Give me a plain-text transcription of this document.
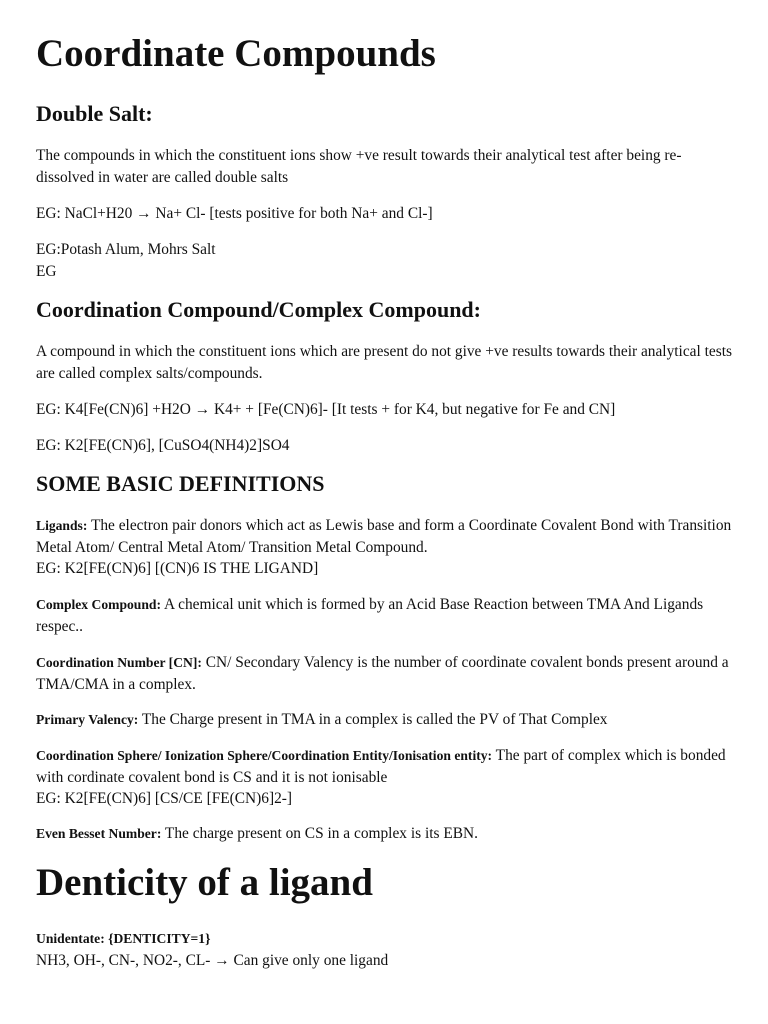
Coordinate Compounds
Double Salt:
The compounds in which the constituent ions show +ve result towards their analytical test after being re-dissolved in water are called double salts
EG: NaCl+H20 → Na+ Cl- [tests positive for both Na+ and Cl-]
EG:Potash Alum, Mohrs Salt
EG
Coordination Compound/Complex Compound:
A compound in which the constituent ions which are present do not give +ve results towards their analytical tests are called complex salts/compounds.
EG: K4[Fe(CN)6] +H2O → K4+ + [Fe(CN)6]- [It tests + for K4, but negative for Fe and CN]
EG: K2[FE(CN)6], [CuSO4(NH4)2]SO4
SOME BASIC DEFINITIONS
Ligands: The electron pair donors which act as Lewis base and form a Coordinate Covalent Bond with Transition Metal Atom/ Central Metal Atom/ Transition Metal Compound.
EG: K2[FE(CN)6] [(CN)6 IS THE LIGAND]
Complex Compound: A chemical unit which is formed by an Acid Base Reaction between TMA And Ligands respec..
Coordination Number [CN]: CN/ Secondary Valency is the number of coordinate covalent bonds present around a TMA/CMA in a complex.
Primary Valency: The Charge present in TMA in a complex is called the PV of That Complex
Coordination Sphere/ Ionization Sphere/Coordination Entity/Ionisation entity: The part of complex which is bonded with cordinate covalent bond is CS and it is not ionisable
EG: K2[FE(CN)6] [CS/CE [FE(CN)6]2-]
Even Besset Number: The charge present on CS in a complex is its EBN.
Denticity of a ligand
Unidentate: {DENTICITY=1}
NH3, OH-, CN-, NO2-, CL- → Can give only one ligand
